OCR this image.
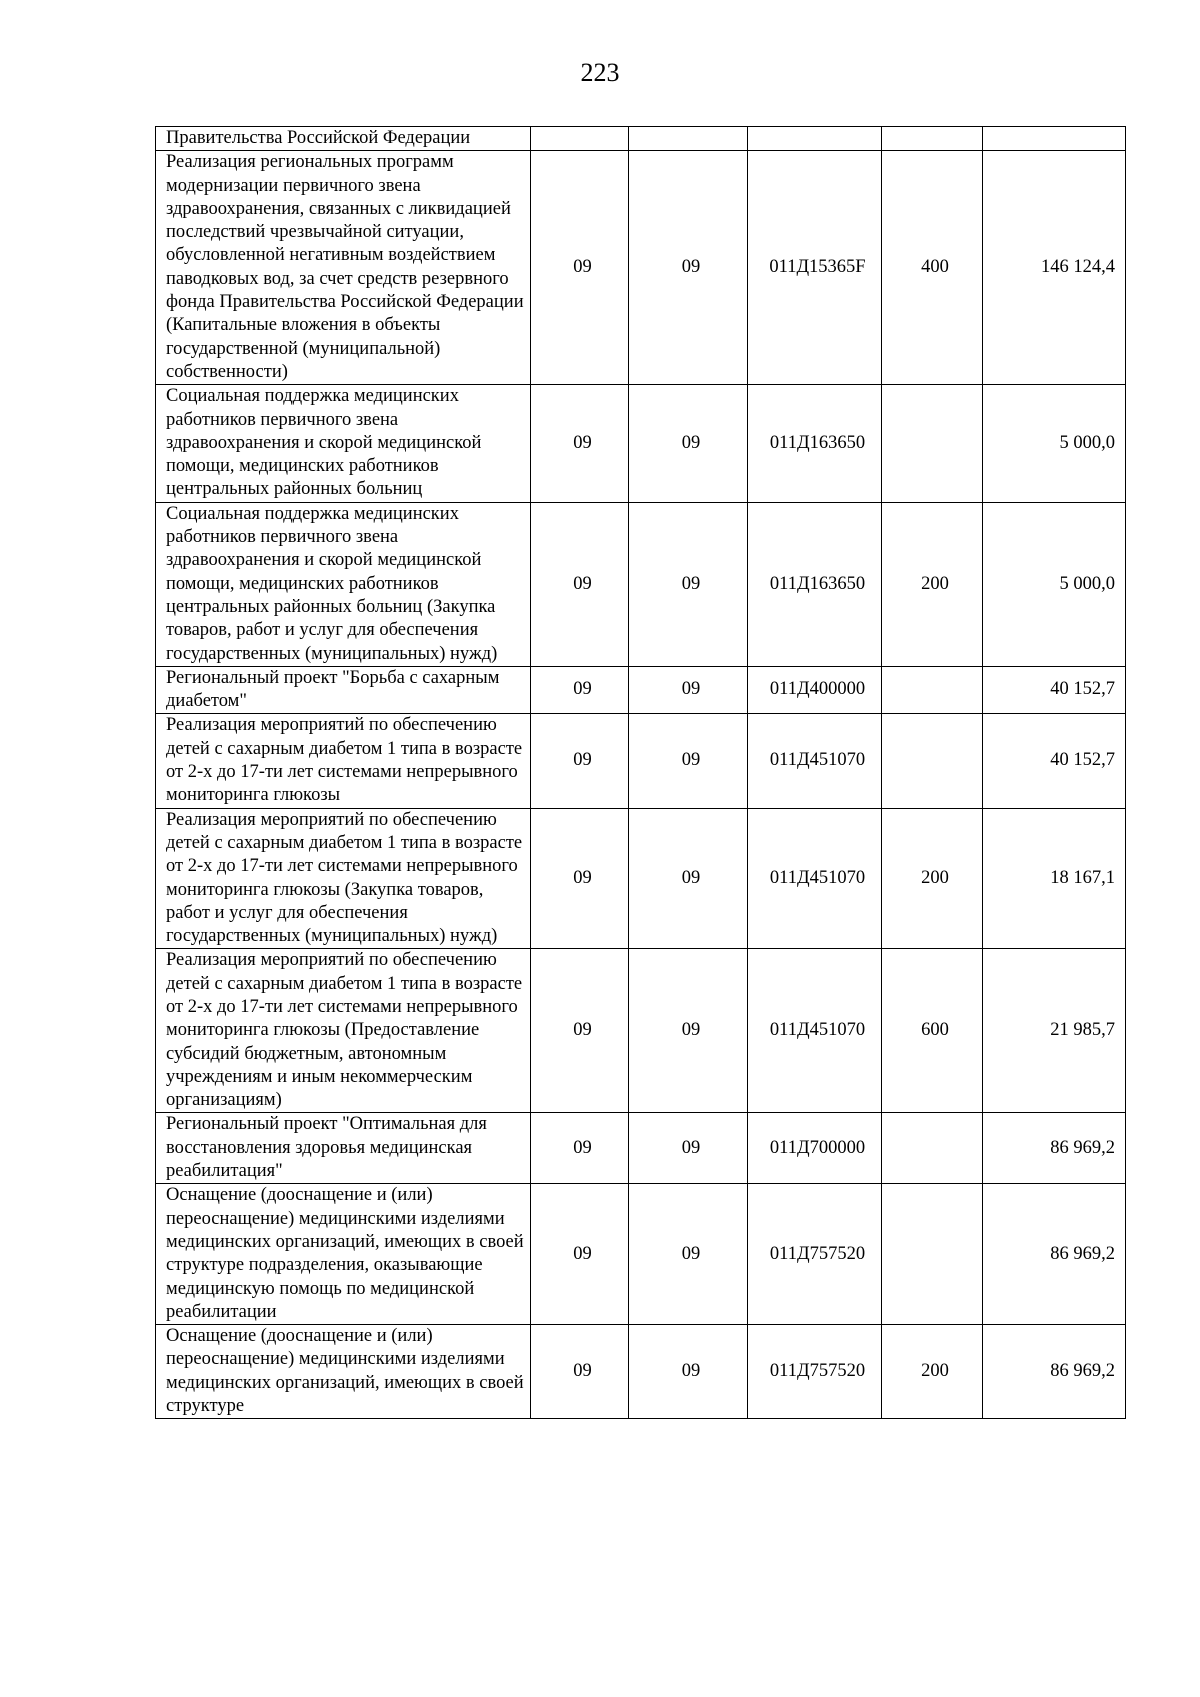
223
Правительства Российской Федерации					
Реализация региональных программ модернизации первичного звена здравоохранения, связанных с ликвидацией последствий чрезвычайной ситуации, обусловленной негативным воздействием паводковых вод, за счет средств резервного фонда Правительства Российской Федерации (Капитальные вложения в объекты государственной (муниципальной) собственности)	09	09	011Д15365F	400	146 124,4
Социальная поддержка медицинских работников первичного звена здравоохранения и скорой медицинской помощи, медицинских работников центральных районных больниц	09	09	011Д163650		5 000,0
Социальная поддержка медицинских работников первичного звена здравоохранения и скорой медицинской помощи, медицинских работников центральных районных больниц (Закупка товаров, работ и услуг для обеспечения государственных (муниципальных) нужд)	09	09	011Д163650	200	5 000,0
Региональный проект "Борьба с сахарным диабетом"	09	09	011Д400000		40 152,7
Реализация мероприятий по обеспечению детей с сахарным диабетом 1 типа в возрасте от 2-х до 17-ти лет системами непрерывного мониторинга глюкозы	09	09	011Д451070		40 152,7
Реализация мероприятий по обеспечению детей с сахарным диабетом 1 типа в возрасте от 2-х до 17-ти лет системами непрерывного мониторинга глюкозы (Закупка товаров, работ и услуг для обеспечения государственных (муниципальных) нужд)	09	09	011Д451070	200	18 167,1
Реализация мероприятий по обеспечению детей с сахарным диабетом 1 типа в возрасте от 2-х до 17-ти лет системами непрерывного мониторинга глюкозы (Предоставление субсидий бюджетным, автономным учреждениям и иным некоммерческим организациям)	09	09	011Д451070	600	21 985,7
Региональный проект "Оптимальная для восстановления здоровья медицинская реабилитация"	09	09	011Д700000		86 969,2
Оснащение (дооснащение и (или) переоснащение) медицинскими изделиями медицинских организаций, имеющих в своей структуре подразделения, оказывающие медицинскую помощь по медицинской реабилитации	09	09	011Д757520		86 969,2
Оснащение (дооснащение и (или) переоснащение) медицинскими изделиями медицинских организаций, имеющих в своей структуре	09	09	011Д757520	200	86 969,2
